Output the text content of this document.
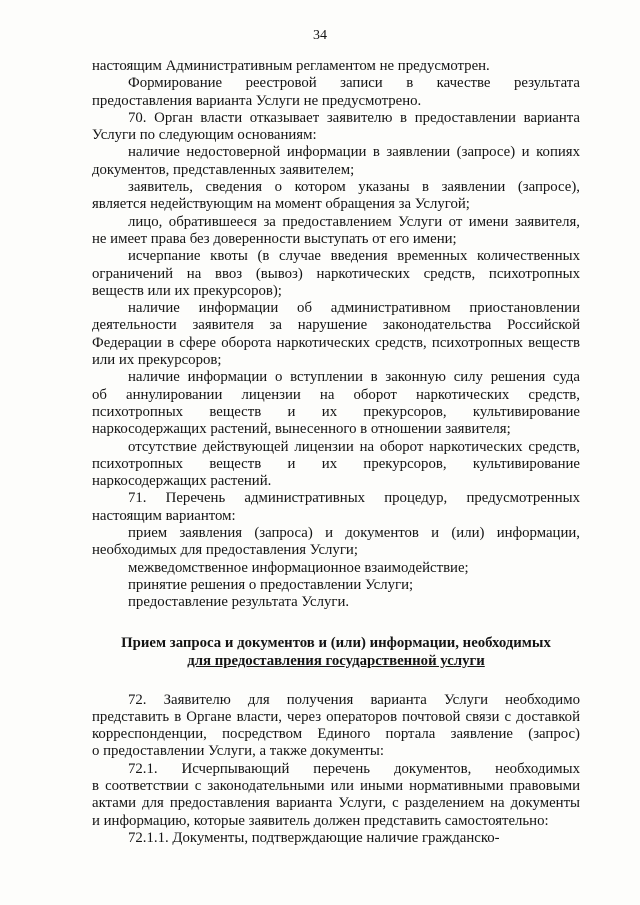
34
настоящим Административным регламентом не предусмотрен.
Формирование реестровой записи в качестве результата
предоставления варианта Услуги не предусмотрено.
70. Орган власти отказывает заявителю в предоставлении варианта
Услуги по следующим основаниям:
наличие недостоверной информации в заявлении (запросе) и копиях
документов, представленных заявителем;
заявитель, сведения о котором указаны в заявлении (запросе),
является недействующим на момент обращения за Услугой;
лицо, обратившееся за предоставлением Услуги от имени заявителя,
не имеет права без доверенности выступать от его имени;
исчерпание квоты (в случае введения временных количественных
ограничений на ввоз (вывоз) наркотических средств, психотропных
веществ или их прекурсоров);
наличие информации об административном приостановлении
деятельности заявителя за нарушение законодательства Российской
Федерации в сфере оборота наркотических средств, психотропных веществ
или их прекурсоров;
наличие информации о вступлении в законную силу решения суда
об аннулировании лицензии на оборот наркотических средств,
психотропных веществ и их прекурсоров, культивирование
наркосодержащих растений, вынесенного в отношении заявителя;
отсутствие действующей лицензии на оборот наркотических средств,
психотропных веществ и их прекурсоров, культивирование
наркосодержащих растений.
71. Перечень административных процедур, предусмотренных
настоящим вариантом:
прием заявления (запроса) и документов и (или) информации,
необходимых для предоставления Услуги;
межведомственное информационное взаимодействие;
принятие решения о предоставлении Услуги;
предоставление результата Услуги.
Прием запроса и документов и (или) информации, необходимых
для предоставления государственной услуги
72. Заявителю для получения варианта Услуги необходимо
представить в Органе власти, через операторов почтовой связи с доставкой
корреспонденции, посредством Единого портала заявление (запрос)
о предоставлении Услуги, а также документы:
72.1. Исчерпывающий перечень документов, необходимых
в соответствии с законодательными или иными нормативными правовыми
актами для предоставления варианта Услуги, с разделением на документы
и информацию, которые заявитель должен представить самостоятельно:
72.1.1. Документы, подтверждающие наличие гражданско-
